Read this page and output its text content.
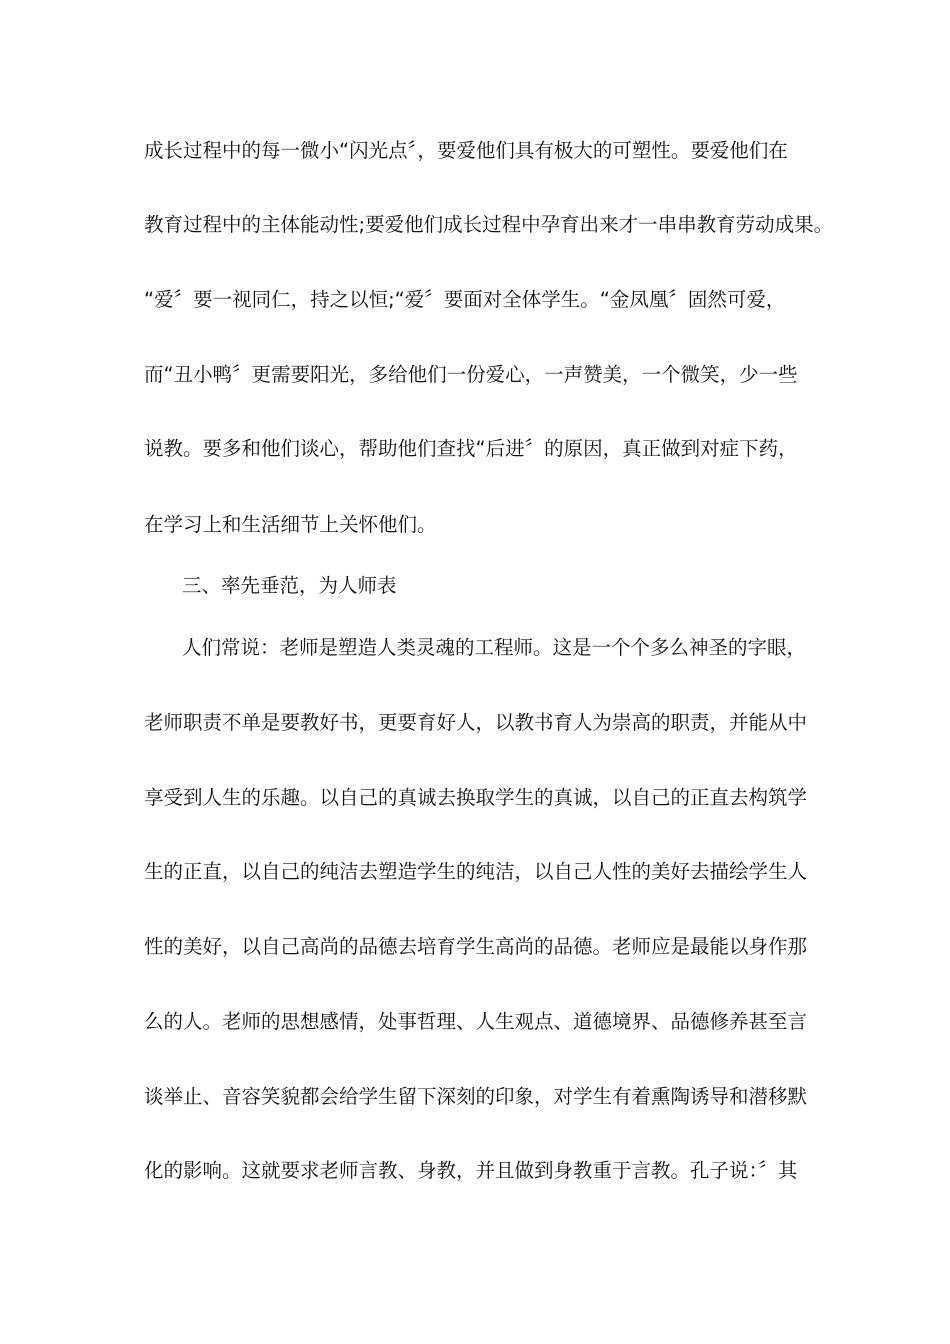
成长过程中的每一微小“闪光点〞，要爱他们具有极大的可塑性。要爱他们在
教育过程中的主体能动性;要爱他们成长过程中孕育出来才一串串教育劳动成果。
“爱〞要一视同仁，持之以恒;“爱〞要面对全体学生。“金凤凰〞固然可爱，
而“丑小鸭〞更需要阳光，多给他们一份爱心，一声赞美，一个微笑，少一些
说教。要多和他们谈心，帮助他们查找“后进〞的原因，真正做到对症下药，
在学习上和生活细节上关怀他们。
三、率先垂范，为人师表
人们常说：老师是塑造人类灵魂的工程师。这是一个个多么神圣的字眼，
老师职责不单是要教好书，更要育好人，以教书育人为崇高的职责，并能从中
享受到人生的乐趣。以自己的真诚去换取学生的真诚，以自己的正直去构筑学
生的正直，以自己的纯洁去塑造学生的纯洁，以自己人性的美好去描绘学生人
性的美好，以自己高尚的品德去培育学生高尚的品德。老师应是最能以身作那
么的人。老师的思想感情，处事哲理、人生观点、道德境界、品德修养甚至言
谈举止、音容笑貌都会给学生留下深刻的印象，对学生有着熏陶诱导和潜移默
化的影响。这就要求老师言教、身教，并且做到身教重于言教。孔子说：〞其
